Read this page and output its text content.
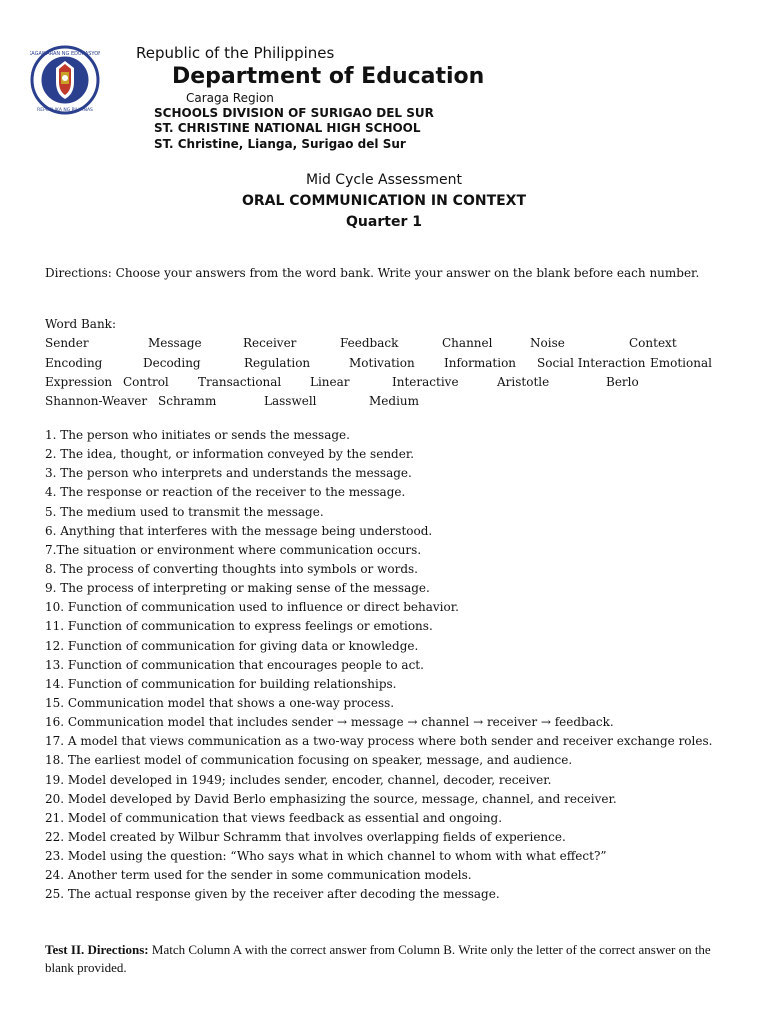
KAGAWARAN NG EDUKASYON
REPUBLIKA NG PILIPINAS
Republic of the Philippines
Department of Education
Caraga Region
SCHOOLS DIVISION OF SURIGAO DEL SUR
ST. CHRISTINE NATIONAL HIGH SCHOOL
ST. Christine, Lianga, Surigao del Sur
Mid Cycle Assessment
ORAL COMMUNICATION IN CONTEXT
Quarter 1
Directions: Choose your answers from the word bank. Write your answer on the blank before each number.
Word Bank:
Sender	Message	Receiver	Feedback	Channel	Noise	Context
Encoding	Decoding	Regulation	Motivation Information Social Interaction Emotional
Expression Control Transactional Linear	Interactive	Aristotle	Berlo
Shannon-Weaver Schramm	Lasswell	Medium
1. The person who initiates or sends the message.
2. The idea, thought, or information conveyed by the sender.
3. The person who interprets and understands the message.
4. The response or reaction of the receiver to the message.
5. The medium used to transmit the message.
6. Anything that interferes with the message being understood.
7.The situation or environment where communication occurs.
8. The process of converting thoughts into symbols or words.
9. The process of interpreting or making sense of the message.
10. Function of communication used to influence or direct behavior.
11. Function of communication to express feelings or emotions.
12. Function of communication for giving data or knowledge.
13. Function of communication that encourages people to act.
14. Function of communication for building relationships.
15. Communication model that shows a one-way process.
16. Communication model that includes sender → message → channel → receiver → feedback.
17. A model that views communication as a two-way process where both sender and receiver exchange roles.
18. The earliest model of communication focusing on speaker, message, and audience.
19. Model developed in 1949; includes sender, encoder, channel, decoder, receiver.
20. Model developed by David Berlo emphasizing the source, message, channel, and receiver.
21. Model of communication that views feedback as essential and ongoing.
22. Model created by Wilbur Schramm that involves overlapping fields of experience.
23. Model using the question: “Who says what in which channel to whom with what effect?”
24. Another term used for the sender in some communication models.
25. The actual response given by the receiver after decoding the message.
Test II. Directions: Match Column A with the correct answer from Column B. Write only the letter of the correct answer on the blank provided.
